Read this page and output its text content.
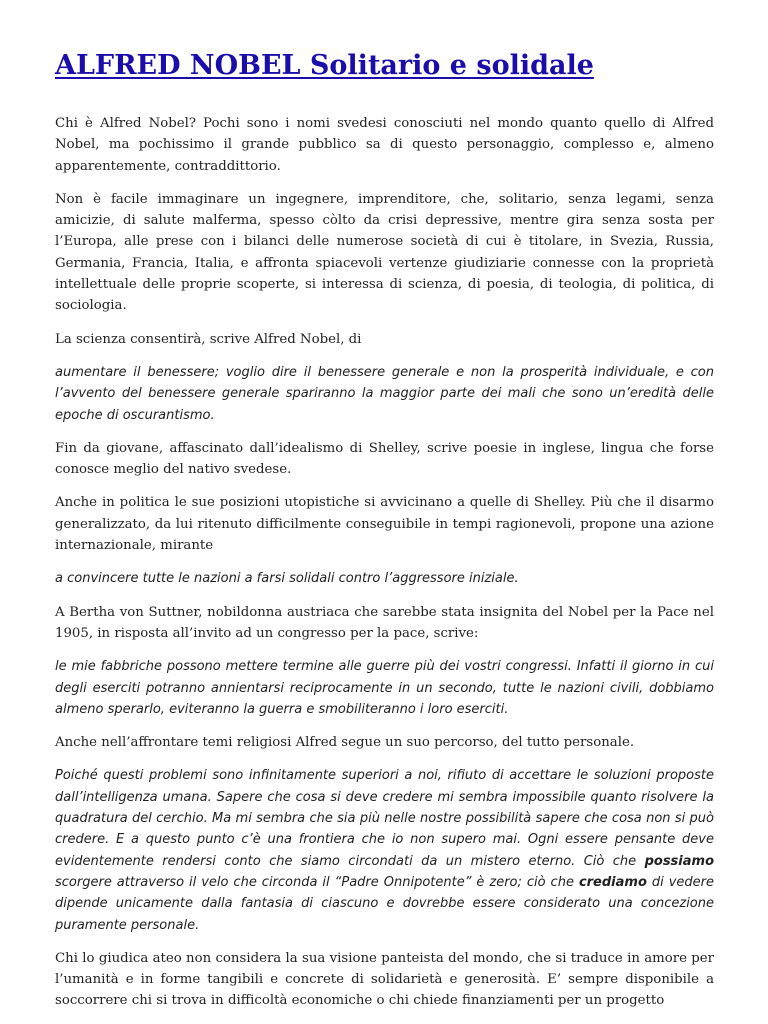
ALFRED NOBEL Solitario e solidale

Chi è Alfred Nobel? Pochi sono i nomi svedesi conosciuti nel mondo quanto quello di Alfred Nobel, ma pochissimo il grande pubblico sa di questo personaggio, complesso e, almeno apparentemente, contraddittorio.

Non è facile immaginare un ingegnere, imprenditore, che, solitario, senza legami, senza amicizie, di salute malferma, spesso còlto da crisi depressive, mentre gira senza sosta per l’Europa, alle prese con i bilanci delle numerose società di cui è titolare, in Svezia, Russia, Germania, Francia, Italia, e affronta spiacevoli vertenze giudiziarie connesse con la proprietà intellettuale delle proprie scoperte, si interessa di scienza, di poesia, di teologia, di politica, di sociologia.

La scienza consentirà, scrive Alfred Nobel, di

aumentare il benessere; voglio dire il benessere generale e non la prosperità individuale, e con l’avvento del benessere generale spariranno la maggior parte dei mali che sono un’eredità delle epoche di oscurantismo.

Fin da giovane, affascinato dall’idealismo di Shelley, scrive poesie in inglese, lingua che forse conosce meglio del nativo svedese.

Anche in politica le sue posizioni utopistiche si avvicinano a quelle di Shelley. Più che il disarmo generalizzato, da lui ritenuto difficilmente conseguibile in tempi ragionevoli, propone una azione internazionale, mirante

a convincere tutte le nazioni a farsi solidali contro l’aggressore iniziale.

A Bertha von Suttner, nobildonna austriaca che sarebbe stata insignita del Nobel per la Pace nel 1905, in risposta all’invito ad un congresso per la pace, scrive:

le mie fabbriche possono mettere termine alle guerre più dei vostri congressi. Infatti il giorno in cui degli eserciti potranno annientarsi reciprocamente in un secondo, tutte le nazioni civili, dobbiamo almeno sperarlo, eviteranno la guerra e smobiliteranno i loro eserciti.

Anche nell’affrontare temi religiosi Alfred segue un suo percorso, del tutto personale.

Poiché questi problemi sono infinitamente superiori a noi, rifiuto di accettare le soluzioni proposte dall’intelligenza umana. Sapere che cosa si deve credere mi sembra impossibile quanto risolvere la quadratura del cerchio. Ma mi sembra che sia più nelle nostre possibilità sapere che cosa non si può credere. E a questo punto c’è una frontiera che io non supero mai. Ogni essere pensante deve evidentemente rendersi conto che siamo circondati da un mistero eterno. Ciò che possiamo scorgere attraverso il velo che circonda il “Padre Onnipotente” è zero; ciò che crediamo di vedere dipende unicamente dalla fantasia di ciascuno e dovrebbe essere considerato una concezione puramente personale.

Chi lo giudica ateo non considera la sua visione panteista del mondo, che si traduce in amore per l’umanità e in forme tangibili e concrete di solidarietà e generosità. E’ sempre disponibile a soccorrere chi si trova in difficoltà economiche o chi chiede finanziamenti per un progetto
